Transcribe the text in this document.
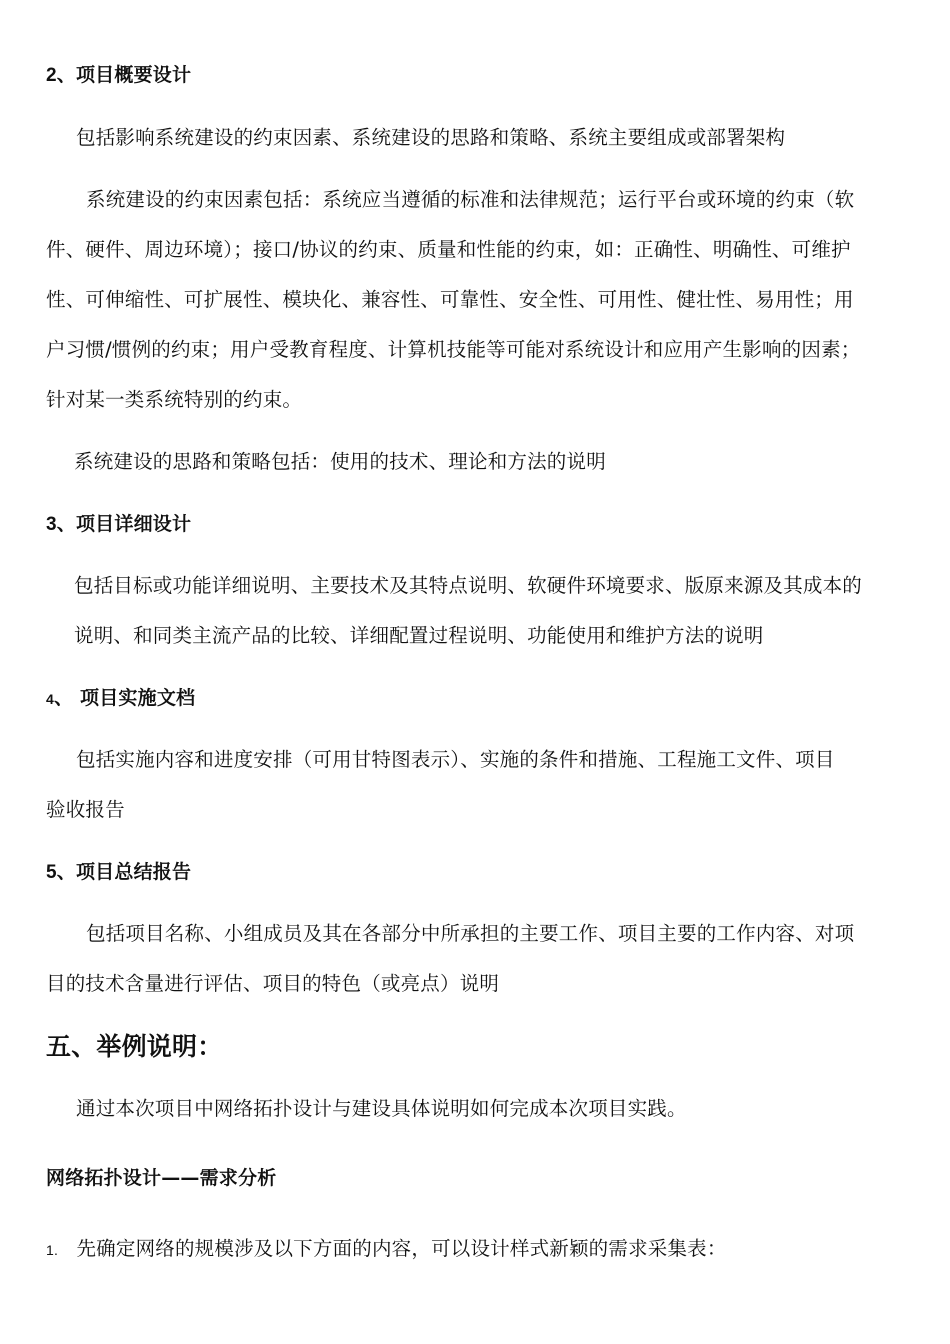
2、项目概要设计
包括影响系统建设的约束因素、系统建设的思路和策略、系统主要组成或部署架构
系统建设的约束因素包括：系统应当遵循的标准和法律规范；运行平台或环境的约束（软
件、硬件、周边环境）；接口/协议的约束、质量和性能的约束，如：正确性、明确性、可维护
性、可伸缩性、可扩展性、模块化、兼容性、可靠性、安全性、可用性、健壮性、易用性；用
户习惯/惯例的约束；用户受教育程度、计算机技能等可能对系统设计和应用产生影响的因素；
针对某一类系统特别的约束。
系统建设的思路和策略包括：使用的技术、理论和方法的说明
3、项目详细设计
包括目标或功能详细说明、主要技术及其特点说明、软硬件环境要求、版原来源及其成本的
说明、和同类主流产品的比较、详细配置过程说明、功能使用和维护方法的说明
4、 项目实施文档
包括实施内容和进度安排（可用甘特图表示）、实施的条件和措施、工程施工文件、项目
验收报告
5、项目总结报告
包括项目名称、小组成员及其在各部分中所承担的主要工作、项目主要的工作内容、对项
目的技术含量进行评估、项目的特色（或亮点）说明
五、举例说明：
通过本次项目中网络拓扑设计与建设具体说明如何完成本次项目实践。
网络拓扑设计——需求分析
1. 先确定网络的规模涉及以下方面的内容，可以设计样式新颖的需求采集表：
